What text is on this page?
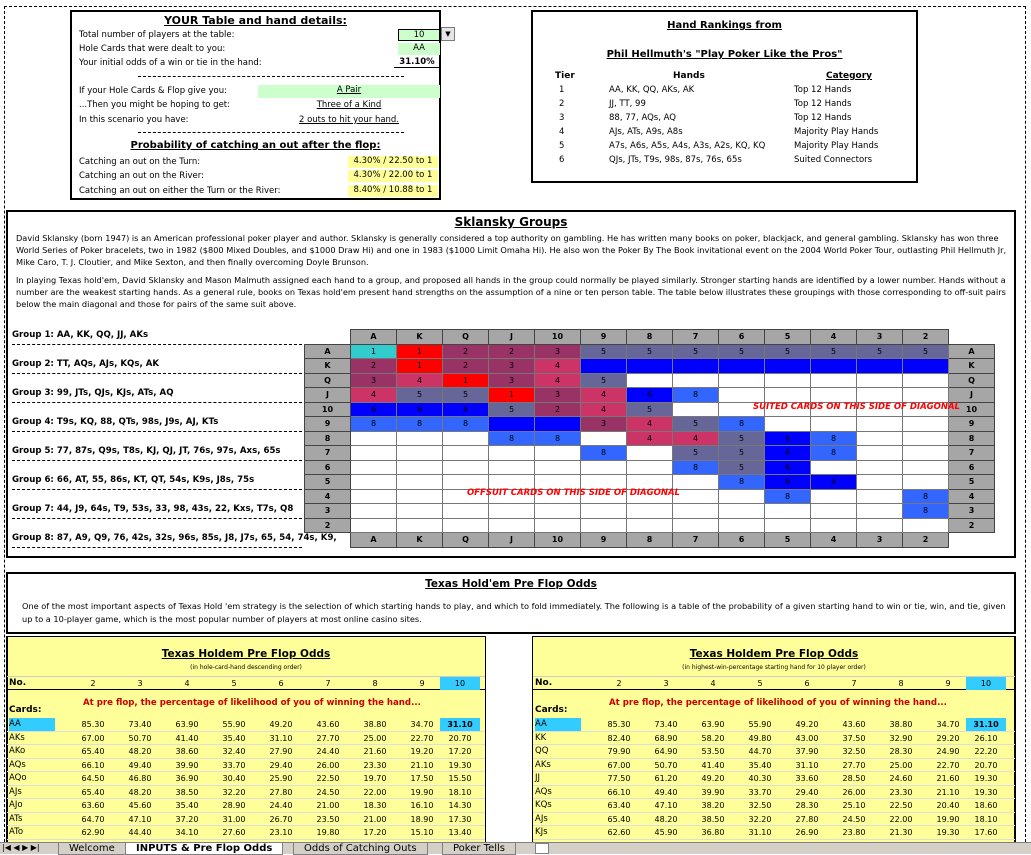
YOUR Table and hand details:
Total number of players at the table:	10
Hole Cards that were dealt to you:	AA
Your initial odds of a win or tie in the hand:	31.10%
If your Hole Cards & Flop give you:	A Pair
...Then you might be hoping to get:	Three of a Kind
In this scenario you have:	2 outs to hit your hand.
Probability of catching an out after the flop:
Catching an out on the Turn:	4.30% / 22.50 to 1
Catching an out on the River:	4.30% / 22.00 to 1
Catching an out on either the Turn or the River:	8.40% / 10.88 to 1
▼
Hand Rankings from
Phil Hellmuth's "Play Poker Like the Pros"
Tier	Hands	Category
1	AA, KK, QQ, AKs, AK	Top 12 Hands
2	JJ, TT, 99	Top 12 Hands
3	88, 77, AQs, AQ	Top 12 Hands
4	AJs, ATs, A9s, A8s	Majority Play Hands
5	A7s, A6s, A5s, A4s, A3s, A2s, KQ, KQ	Majority Play Hands
6	QJs, JTs, T9s, 98s, 87s, 76s, 65s	Suited Connectors
Sklansky Groups
David Sklansky (born 1947) is an American professional poker player and author. Sklansky is generally considered a top authority on gambling. He has written many books on poker, blackjack, and general gambling. Sklansky has won three World Series of Poker bracelets, two in 1982 ($800 Mixed Doubles, and $1000 Draw Hi) and one in 1983 ($1000 Limit Omaha Hi). He also won the Poker By The Book invitational event on the 2004 World Poker Tour, outlasting Phil Hellmuth Jr, Mike Caro, T. J. Cloutier, and Mike Sexton, and then finally overcoming Doyle Brunson.
In playing Texas hold'em, David Sklansky and Mason Malmuth assigned each hand to a group, and proposed all hands in the group could normally be played similarly. Stronger starting hands are identified by a lower number. Hands without a number are the weakest starting hands. As a general rule, books on Texas hold'em present hand strengths on the assumption of a nine or ten person table. The table below illustrates these groupings with those corresponding to off-suit pairs below the main diagonal and those for pairs of the same suit above.
Group 1: AA, KK, QQ, JJ, AKs
Group 2: TT, AQs, AJs, KQs, AK
Group 3: 99, JTs, QJs, KJs, ATs, AQ
Group 4: T9s, KQ, 88, QTs, 98s, J9s, AJ, KTs
Group 5: 77, 87s, Q9s, T8s, KJ, QJ, JT, 76s, 97s, Axs, 65s
Group 6: 66, AT, 55, 86s, KT, QT, 54s, K9s, J8s, 75s
Group 7: 44, J9, 64s, T9, 53s, 33, 98, 43s, 22, Kxs, T7s, Q8
Group 8: 87, A9, Q9, 76, 42s, 32s, 96s, 85s, J8, J7s, 65, 54, 74s, K9,
	A	K	Q	J	10	9	8	7	6	5	4	3	2	
A	1	1	2	2	3	5	5	5	5	5	5	5	5	A
K	2	1	2	3	4									K
Q	3	4	1	3	4	5								Q
J	4	5	5	1	3	4	6	8						J
10	6	6	6	5	2	4	5							10
9	8	8	8			3	4	5	8					9
8				8	8		4	4	5	6	8			8
7						8		5	5	6	8			7
6								8	5	6				6
5									8	6	6			5
4										8			8	4
3													8	3
2														2
	A	K	Q	J	10	9	8	7	6	5	4	3	2	
SUITED CARDS ON THIS SIDE OF DIAGONAL
OFFSUIT CARDS ON THIS SIDE OF DIAGONAL
Texas Hold'em Pre Flop Odds
One of the most important aspects of Texas Hold 'em strategy is the selection of which starting hands to play, and which to fold immediately. The following is a table of the probability of a given starting hand to win or tie, win, and tie, given up to a 10-player game, which is the most popular number of players at most online casino sites.
Texas Holdem Pre Flop Odds
(in hole-card-hand descending order)
No.	2	3	4	5	6	7	8	9	10
Cards:
At pre flop, the percentage of likelihood of you of winning the hand...
AA	85.30	73.40	63.90	55.90	49.20	43.60	38.80	34.70	31.10
AKs	67.00	50.70	41.40	35.40	31.10	27.70	25.00	22.70	20.70
AKo	65.40	48.20	38.60	32.40	27.90	24.40	21.60	19.20	17.20
AQs	66.10	49.40	39.90	33.70	29.40	26.00	23.30	21.10	19.30
AQo	64.50	46.80	36.90	30.40	25.90	22.50	19.70	17.50	15.50
AJs	65.40	48.20	38.50	32.20	27.80	24.50	22.00	19.90	18.10
AJo	63.60	45.60	35.40	28.90	24.40	21.00	18.30	16.10	14.30
ATs	64.70	47.10	37.20	31.00	26.70	23.50	21.00	18.90	17.30
ATo	62.90	44.40	34.10	27.60	23.10	19.80	17.20	15.10	13.40
Texas Holdem Pre Flop Odds
(in highest-win-percentage starting hand for 10 player order)
No.	2	3	4	5	6	7	8	9	10
Cards:
At pre flop, the percentage of likelihood of you of winning the hand...
AA	85.30	73.40	63.90	55.90	49.20	43.60	38.80	34.70	31.10
KK	82.40	68.90	58.20	49.80	43.00	37.50	32.90	29.20	26.10
QQ	79.90	64.90	53.50	44.70	37.90	32.50	28.30	24.90	22.20
AKs	67.00	50.70	41.40	35.40	31.10	27.70	25.00	22.70	20.70
JJ	77.50	61.20	49.20	40.30	33.60	28.50	24.60	21.60	19.30
AQs	66.10	49.40	39.90	33.70	29.40	26.00	23.30	21.10	19.30
KQs	63.40	47.10	38.20	32.50	28.30	25.10	22.50	20.40	18.60
AJs	65.40	48.20	38.50	32.20	27.80	24.50	22.00	19.90	18.10
KJs	62.60	45.90	36.80	31.10	26.90	23.80	21.30	19.30	17.60
|◀ ◀ ▶ ▶|	Welcome	INPUTS & Pre Flop Odds	Odds of Catching Outs	Poker Tells
